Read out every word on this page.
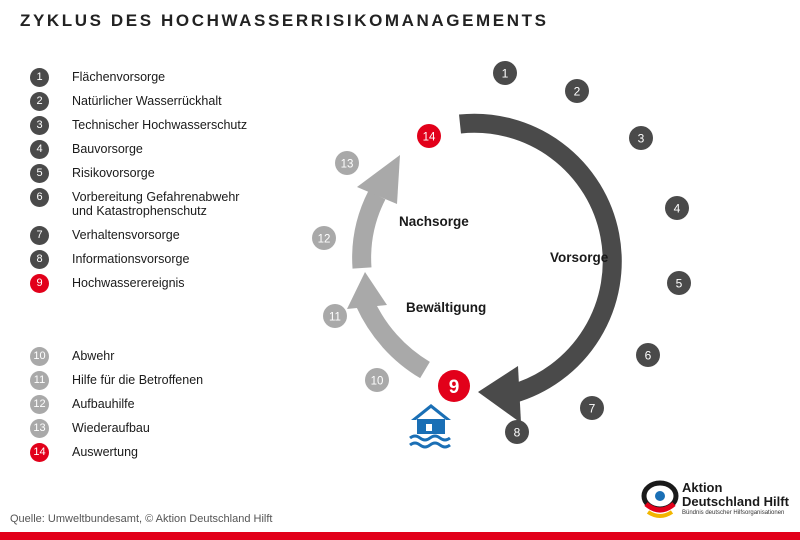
ZYKLUS DES HOCHWASSERRISIKOMANAGEMENTS
1	Flächenvorsorge
2	Natürlicher Wasserrückhalt
3	Technischer Hochwasserschutz
4	Bauvorsorge
5	Risikovorsorge
6	Vorbereitung Gefahrenabwehr
und Katastrophenschutz
7	Verhaltensvorsorge
8	Informationsvorsorge
9	Hochwasserereignis
10 Abwehr
11	Hilfe für die Betroffenen
12 Aufbauhilfe
13 Wiederaufbau
14 Auswertung
Nachsorge
Vorsorge
Bewältigung
1
2
3
4
5
6
7
8
9
10
11
12
13
14
Quelle: Umweltbundesamt, © Aktion Deutschland Hilft
Aktion
Deutschland Hilft
Bündnis deutscher Hilfsorganisationen
